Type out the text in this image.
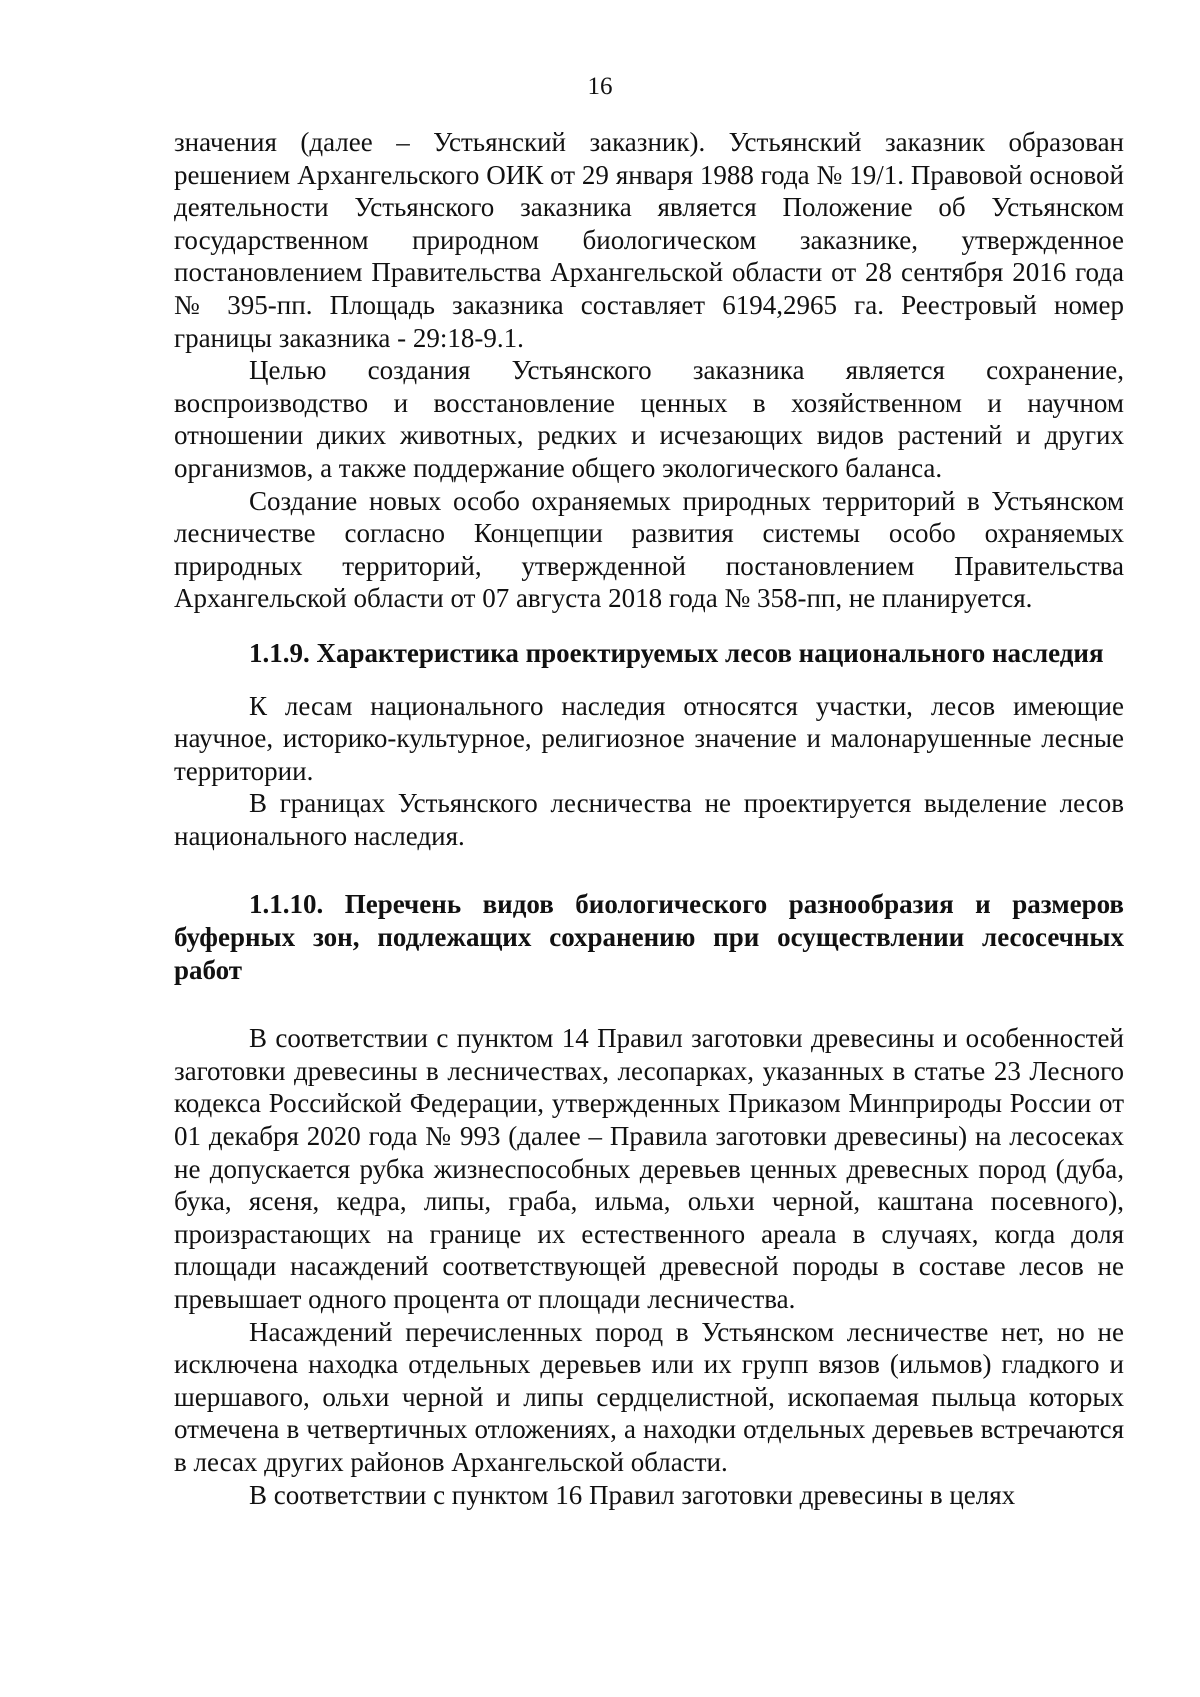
16

значения (далее – Устьянский заказник). Устьянский заказник образован решением Архангельского ОИК от 29 января 1988 года № 19/1. Правовой основой деятельности Устьянского заказника является Положение об Устьянском государственном природном биологическом заказнике, утвержденное постановлением Правительства Архангельской области от 28 сентября 2016 года № 395-пп. Площадь заказника составляет 6194,2965 га. Реестровый номер границы заказника - 29:18-9.1.

Целью создания Устьянского заказника является сохранение, воспроизводство и восстановление ценных в хозяйственном и научном отношении диких животных, редких и исчезающих видов растений и других организмов, а также поддержание общего экологического баланса.

Создание новых особо охраняемых природных территорий в Устьянском лесничестве согласно Концепции развития системы особо охраняемых природных территорий, утвержденной постановлением Правительства Архангельской области от 07 августа 2018 года № 358-пп, не планируется.

1.1.9. Характеристика проектируемых лесов национального наследия

К лесам национального наследия относятся участки, лесов имеющие научное, историко-культурное, религиозное значение и малонарушенные лесные территории.

В границах Устьянского лесничества не проектируется выделение лесов национального наследия.

1.1.10. Перечень видов биологического разнообразия и размеров буферных зон, подлежащих сохранению при осуществлении лесосечных работ

В соответствии с пунктом 14 Правил заготовки древесины и особенностей заготовки древесины в лесничествах, лесопарках, указанных в статье 23 Лесного кодекса Российской Федерации, утвержденных Приказом Минприроды России от 01 декабря 2020 года № 993 (далее – Правила заготовки древесины) на лесосеках не допускается рубка жизнеспособных деревьев ценных древесных пород (дуба, бука, ясеня, кедра, липы, граба, ильма, ольхи черной, каштана посевного), произрастающих на границе их естественного ареала в случаях, когда доля площади насаждений соответствующей древесной породы в составе лесов не превышает одного процента от площади лесничества.

Насаждений перечисленных пород в Устьянском лесничестве нет, но не исключена находка отдельных деревьев или их групп вязов (ильмов) гладкого и шершавого, ольхи черной и липы сердцелистной, ископаемая пыльца которых отмечена в четвертичных отложениях, а находки отдельных деревьев встречаются в лесах других районов Архангельской области.

В соответствии с пунктом 16 Правил заготовки древесины в целях
